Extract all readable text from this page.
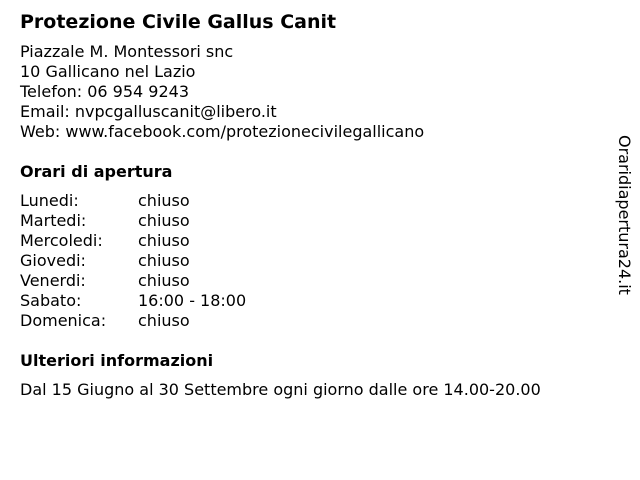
Protezione Civile Gallus Canit
Piazzale M. Montessori snc
10 Gallicano nel Lazio
Telefon: 06 954 9243
Email: nvpcgalluscanit@libero.it
Web: www.facebook.com/protezionecivilegallicano
Orari di apertura
Lunedi:	chiuso
Martedi:	chiuso
Mercoledi:	chiuso
Giovedi:	chiuso
Venerdi:	chiuso
Sabato:	16:00 - 18:00
Domenica:	chiuso
Ulteriori informazioni
Dal 15 Giugno al 30 Settembre ogni giorno dalle ore 14.00-20.00
Oraridiapertura24.it
